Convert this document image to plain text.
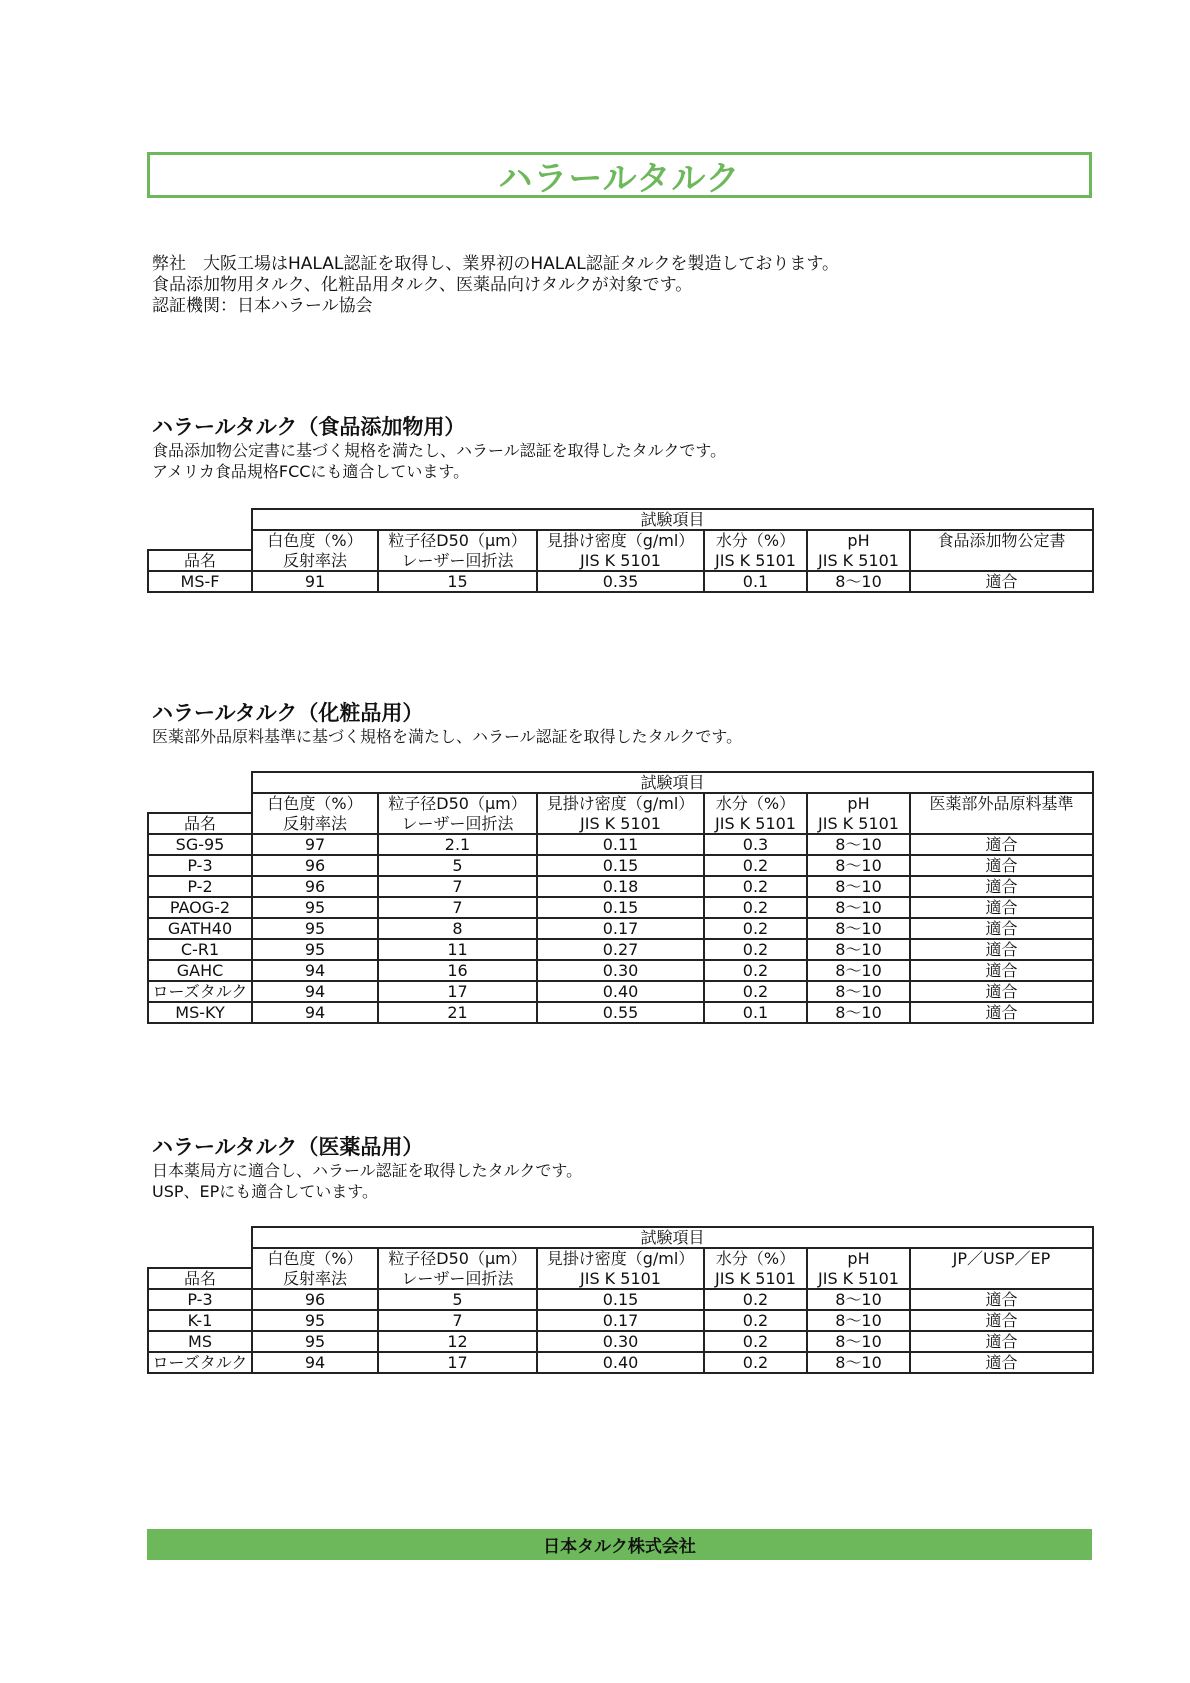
ハラールタルク
弊社　大阪工場はHALAL認証を取得し、業界初のHALAL認証タルクを製造しております。
食品添加物用タルク、化粧品用タルク、医薬品向けタルクが対象です。
認証機関：日本ハラール協会
ハラールタルク（食品添加物用）
食品添加物公定書に基づく規格を満たし、ハラール認証を取得したタルクです。
アメリカ食品規格FCCにも適合しています。
	試験項目					
	白色度（%）	粒子径D50（μm）	見掛け密度（g/ml）	水分（%）	pH	食品添加物公定書
品名	反射率法	レーザー回折法	JIS K 5101	JIS K 5101	JIS K 5101	
MS-F	91	15	0.35	0.1	8～10	適合
ハラールタルク（化粧品用）
医薬部外品原料基準に基づく規格を満たし、ハラール認証を取得したタルクです。
	試験項目					
	白色度（%）	粒子径D50（μm）	見掛け密度（g/ml）	水分（%）	pH	医薬部外品原料基準
品名	反射率法	レーザー回折法	JIS K 5101	JIS K 5101	JIS K 5101	
SG-95	97	2.1	0.11	0.3	8～10	適合
P-3	96	5	0.15	0.2	8～10	適合
P-2	96	7	0.18	0.2	8～10	適合
PAOG-2	95	7	0.15	0.2	8～10	適合
GATH40	95	8	0.17	0.2	8～10	適合
C-R1	95	11	0.27	0.2	8～10	適合
GAHC	94	16	0.30	0.2	8～10	適合
ローズタルク	94	17	0.40	0.2	8～10	適合
MS-KY	94	21	0.55	0.1	8～10	適合
ハラールタルク（医薬品用）
日本薬局方に適合し、ハラール認証を取得したタルクです。
USP、EPにも適合しています。
	試験項目					
	白色度（%）	粒子径D50（μm）	見掛け密度（g/ml）	水分（%）	pH	JP／USP／EP
品名	反射率法	レーザー回折法	JIS K 5101	JIS K 5101	JIS K 5101	
P-3	96	5	0.15	0.2	8～10	適合
K-1	95	7	0.17	0.2	8～10	適合
MS	95	12	0.30	0.2	8～10	適合
ローズタルク	94	17	0.40	0.2	8～10	適合
日本タルク株式会社
